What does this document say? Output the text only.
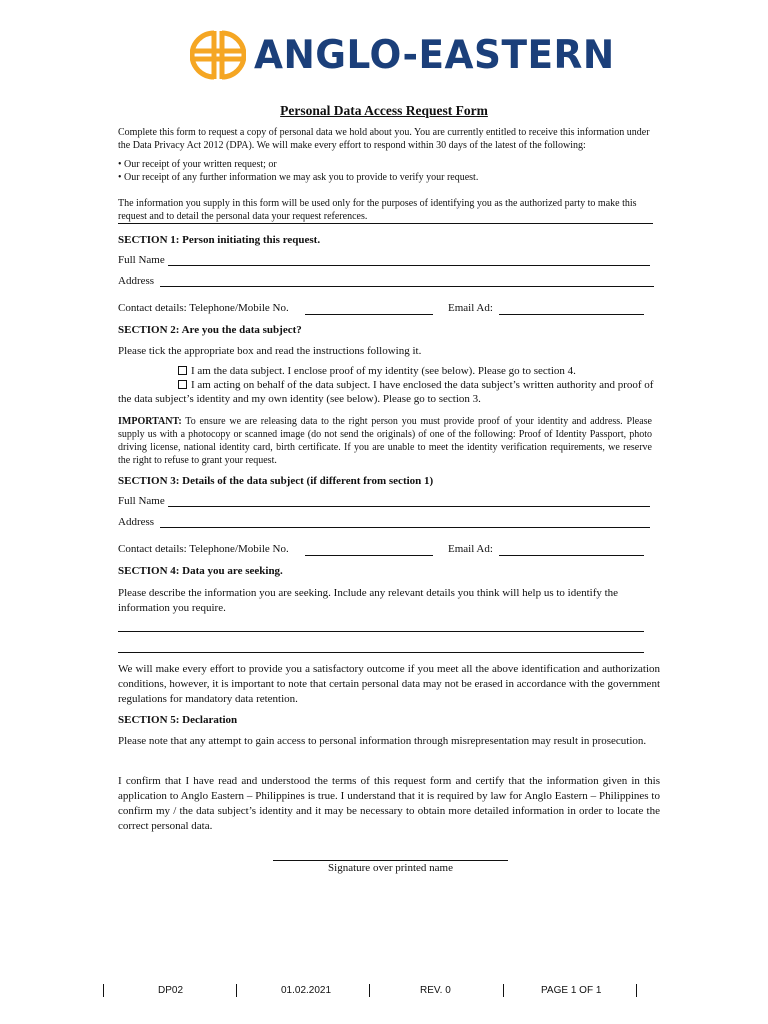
ANGLO-EASTERN
Personal Data Access Request Form
Complete this form to request a copy of personal data we hold about you. You are currently entitled to receive this information under the Data Privacy Act 2012 (DPA). We will make every effort to respond within 30 days of the latest of the following:
• Our receipt of your written request; or
• Our receipt of any further information we may ask you to provide to verify your request.
The information you supply in this form will be used only for the purposes of identifying you as the authorized party to make this request and to detail the personal data your request references.
SECTION 1: Person initiating this request.
Full Name
Address
Contact details: Telephone/Mobile No.	Email Ad:
SECTION 2: Are you the data subject?
Please tick the appropriate box and read the instructions following it.
I am the data subject. I enclose proof of my identity (see below). Please go to section 4.
I am acting on behalf of the data subject. I have enclosed the data subject’s written authority and proof of the data subject’s identity and my own identity (see below). Please go to section 3.
IMPORTANT: To ensure we are releasing data to the right person you must provide proof of your identity and address. Please supply us with a photocopy or scanned image (do not send the originals) of one of the following: Proof of Identity Passport, photo driving license, national identity card, birth certificate. If you are unable to meet the identity verification requirements, we reserve the right to refuse to grant your request.
SECTION 3: Details of the data subject (if different from section 1)
Full Name
Address
Contact details: Telephone/Mobile No.	Email Ad:
SECTION 4: Data you are seeking.
Please describe the information you are seeking. Include any relevant details you think will help us to identify the information you require.
We will make every effort to provide you a satisfactory outcome if you meet all the above identification and authorization conditions, however, it is important to note that certain personal data may not be erased in accordance with the government regulations for mandatory data retention.
SECTION 5: Declaration
Please note that any attempt to gain access to personal information through misrepresentation may result in prosecution.
I confirm that I have read and understood the terms of this request form and certify that the information given in this application to Anglo Eastern – Philippines is true. I understand that it is required by law for Anglo Eastern – Philippines to confirm my / the data subject’s identity and it may be necessary to obtain more detailed information in order to locate the correct personal data.
Signature over printed name
DP02	01.02.2021	REV. 0	PAGE 1 OF 1
